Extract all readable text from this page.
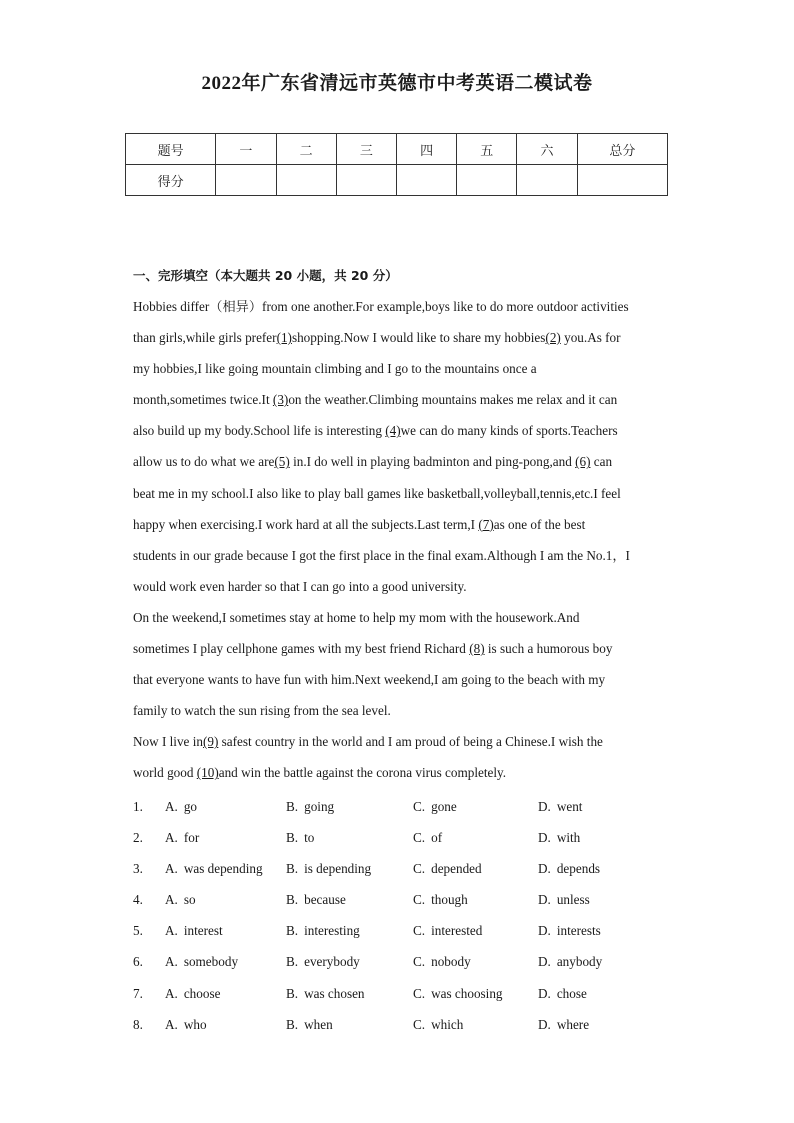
2022年广东省清远市英德市中考英语二模试卷
题号	一	二	三	四	五	六	总分
得分							
一、完形填空（本大题共 20 小题，共 20 分）
Hobbies differ（相异）from one another.For example,boys like to do more outdoor activities
than girls,while girls prefer(1)shopping.Now I would like to share my hobbies(2) you.As for
my hobbies,I like going mountain climbing and I go to the mountains once a
month,sometimes twice.It (3)on the weather.Climbing mountains makes me relax and it can
also build up my body.School life is interesting (4)we can do many kinds of sports.Teachers
allow us to do what we are(5) in.I do well in playing badminton and ping-pong,and (6) can
beat me in my school.I also like to play ball games like basketball,volleyball,tennis,etc.I feel
happy when exercising.I work hard at all the subjects.Last term,I (7)as one of the best
students in our grade because I got the first place in the final exam.Although I am the No.1，I
would work even harder so that I can go into a good university.
On the weekend,I sometimes stay at home to help my mom with the housework.And
sometimes I play cellphone games with my best friend Richard (8) is such a humorous boy
that everyone wants to have fun with him.Next weekend,I am going to the beach with my
family to watch the sun rising from the sea level.
Now I live in(9) safest country in the world and I am proud of being a Chinese.I wish the
world good (10)and win the battle against the corona virus completely.
1. A. go	B. going	C. gone	D. went
2. A. for	B. to	C. of	D. with
3. A. was depending B. is depending	C. depended	D. depends
4. A. so	B. because	C. though	D. unless
5. A. interest	B. interesting	C. interested	D. interests
6. A. somebody	B. everybody	C. nobody	D. anybody
7. A. choose	B. was chosen	C. was choosing	D. chose
8. A. who	B. when	C. which	D. where
